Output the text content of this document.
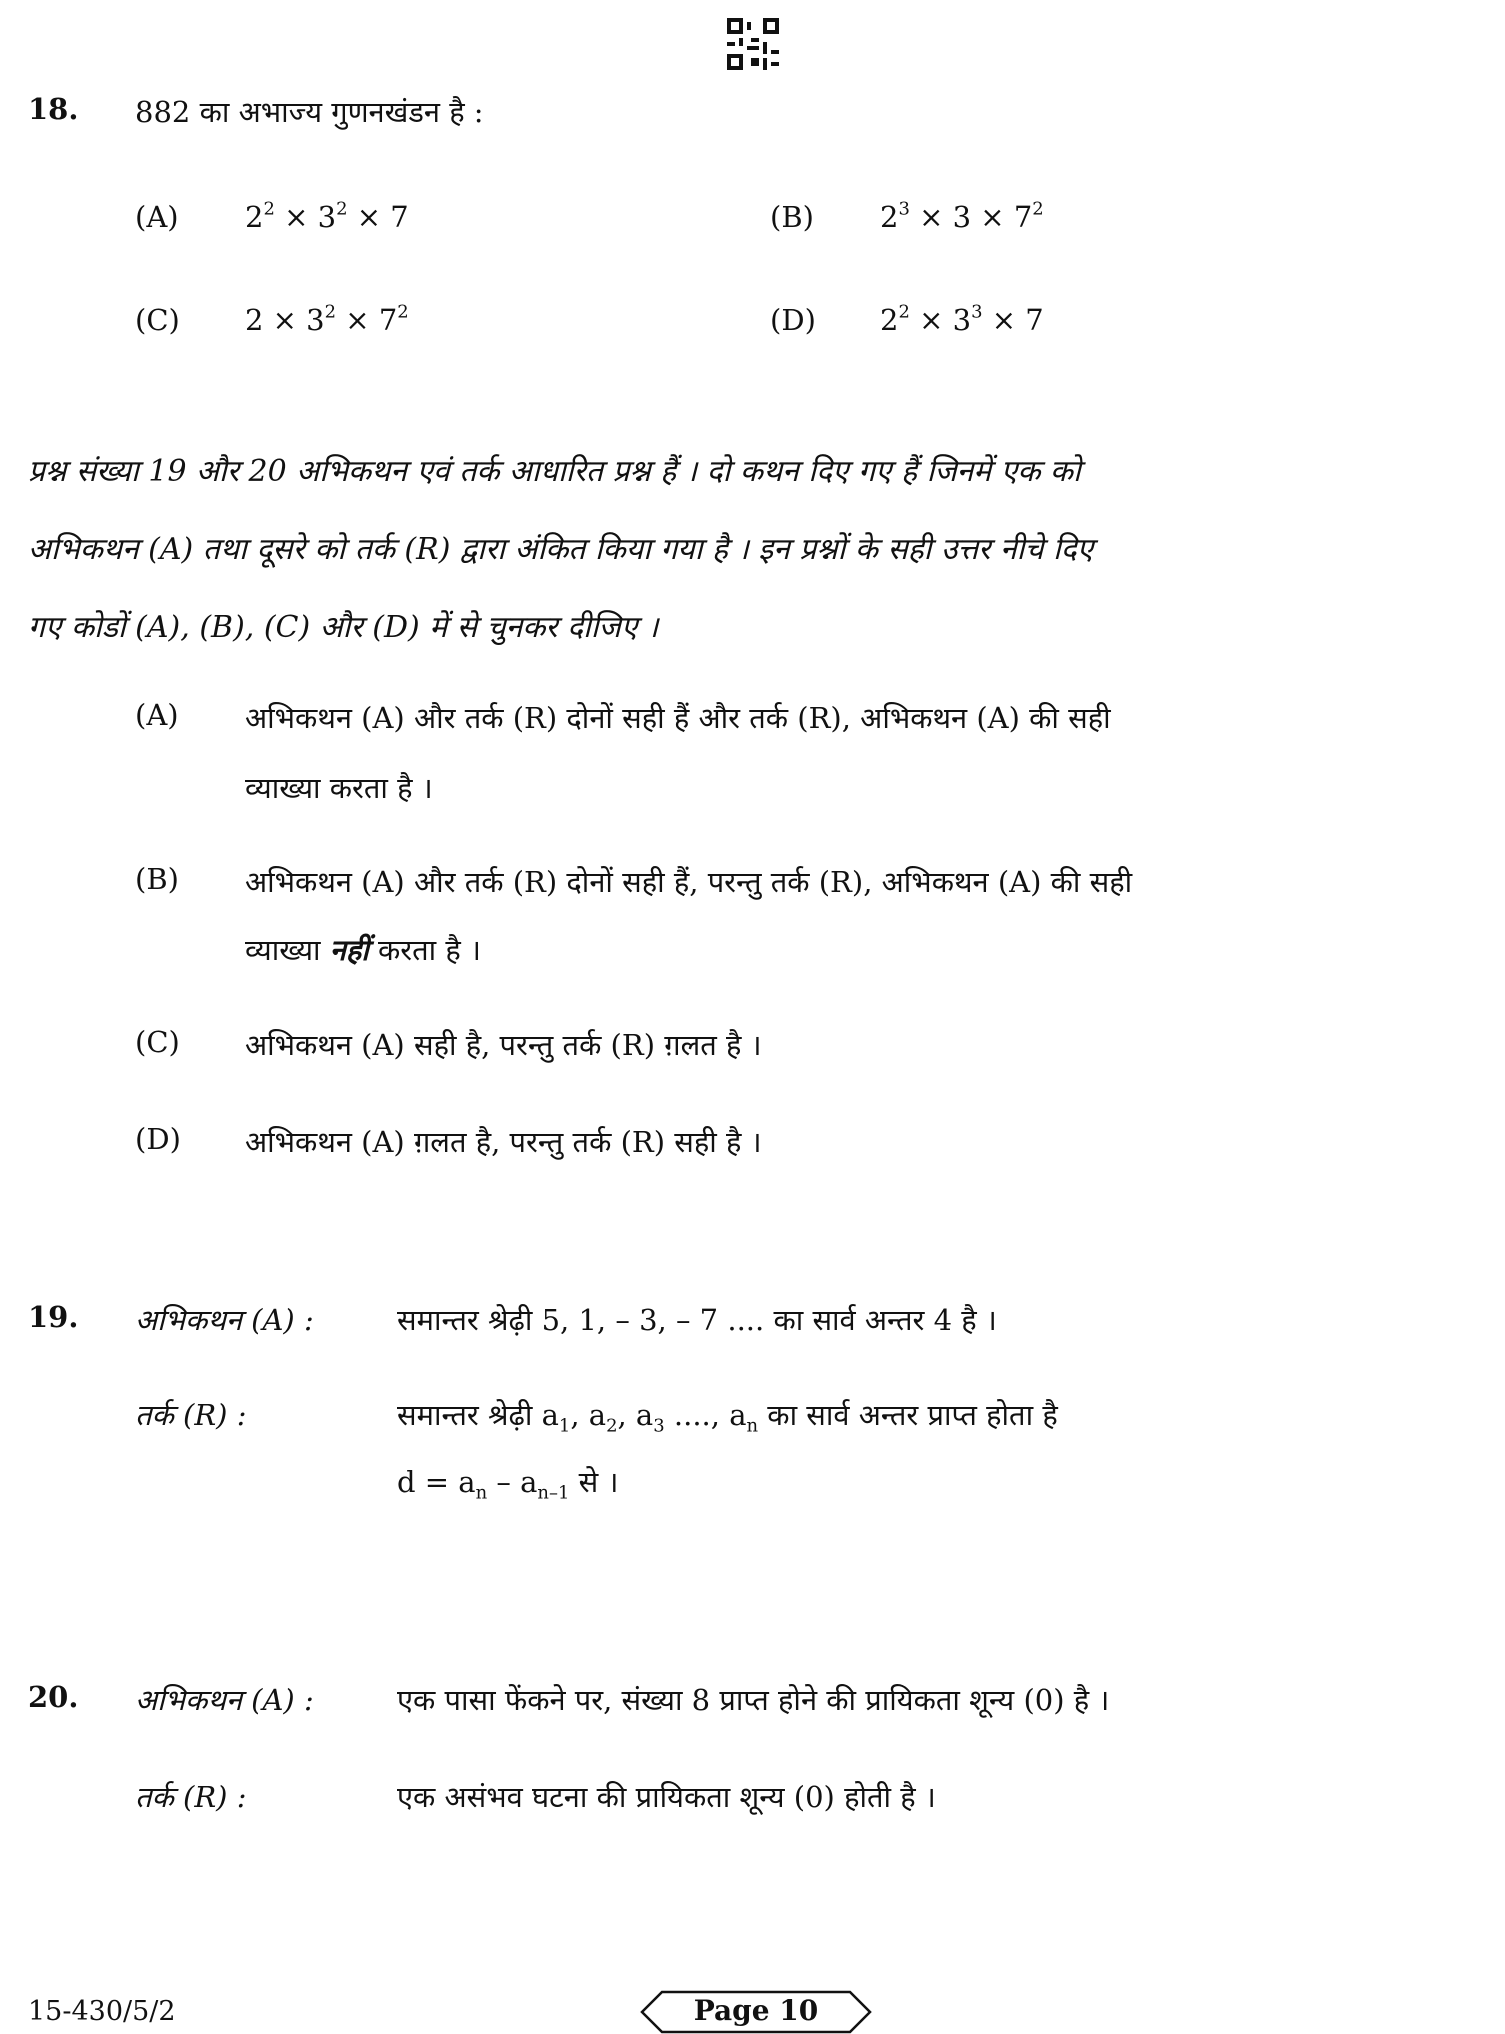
18. 882 का अभाज्य गुणनखंडन है :
(A) $2^2 \times 3^2 \times 7$	(B) $2^3 \times 3 \times 7^2$
(C) $2 \times 3^2 \times 7^2$	(D) $2^2 \times 3^3 \times 7$
प्रश्न संख्या 19 और 20 अभिकथन एवं तर्क आधारित प्रश्न हैं । दो कथन दिए गए हैं जिनमें एक को
अभिकथन (A) तथा दूसरे को तर्क (R) द्वारा अंकित किया गया है । इन प्रश्नों के सही उत्तर नीचे दिए
गए कोडों (A), (B), (C) और (D) में से चुनकर दीजिए ।
(A) अभिकथन (A) और तर्क (R) दोनों सही हैं और तर्क (R), अभिकथन (A) की सही
व्याख्या करता है ।
(B) अभिकथन (A) और तर्क (R) दोनों सही हैं, परन्तु तर्क (R), अभिकथन (A) की सही
व्याख्या नहीं करता है ।
(C) अभिकथन (A) सही है, परन्तु तर्क (R) ग़लत है ।
(D) अभिकथन (A) ग़लत है, परन्तु तर्क (R) सही है ।
19. अभिकथन (A) :	समान्तर श्रेढ़ी 5, 1, – 3, – 7 .... का सार्व अन्तर 4 है ।
तर्क (R) :	समान्तर श्रेढ़ी $a_1$, $a_2$, $a_3$ ...., $a_n$ का सार्व अन्तर प्राप्त होता है
$d = a_n - a_{n-1}$ से ।
20. अभिकथन (A) :	एक पासा फेंकने पर, संख्या 8 प्राप्त होने की प्रायिकता शून्य (0) है ।
तर्क (R) :	एक असंभव घटना की प्रायिकता शून्य (0) होती है ।
15-430/5/2	Page 10
